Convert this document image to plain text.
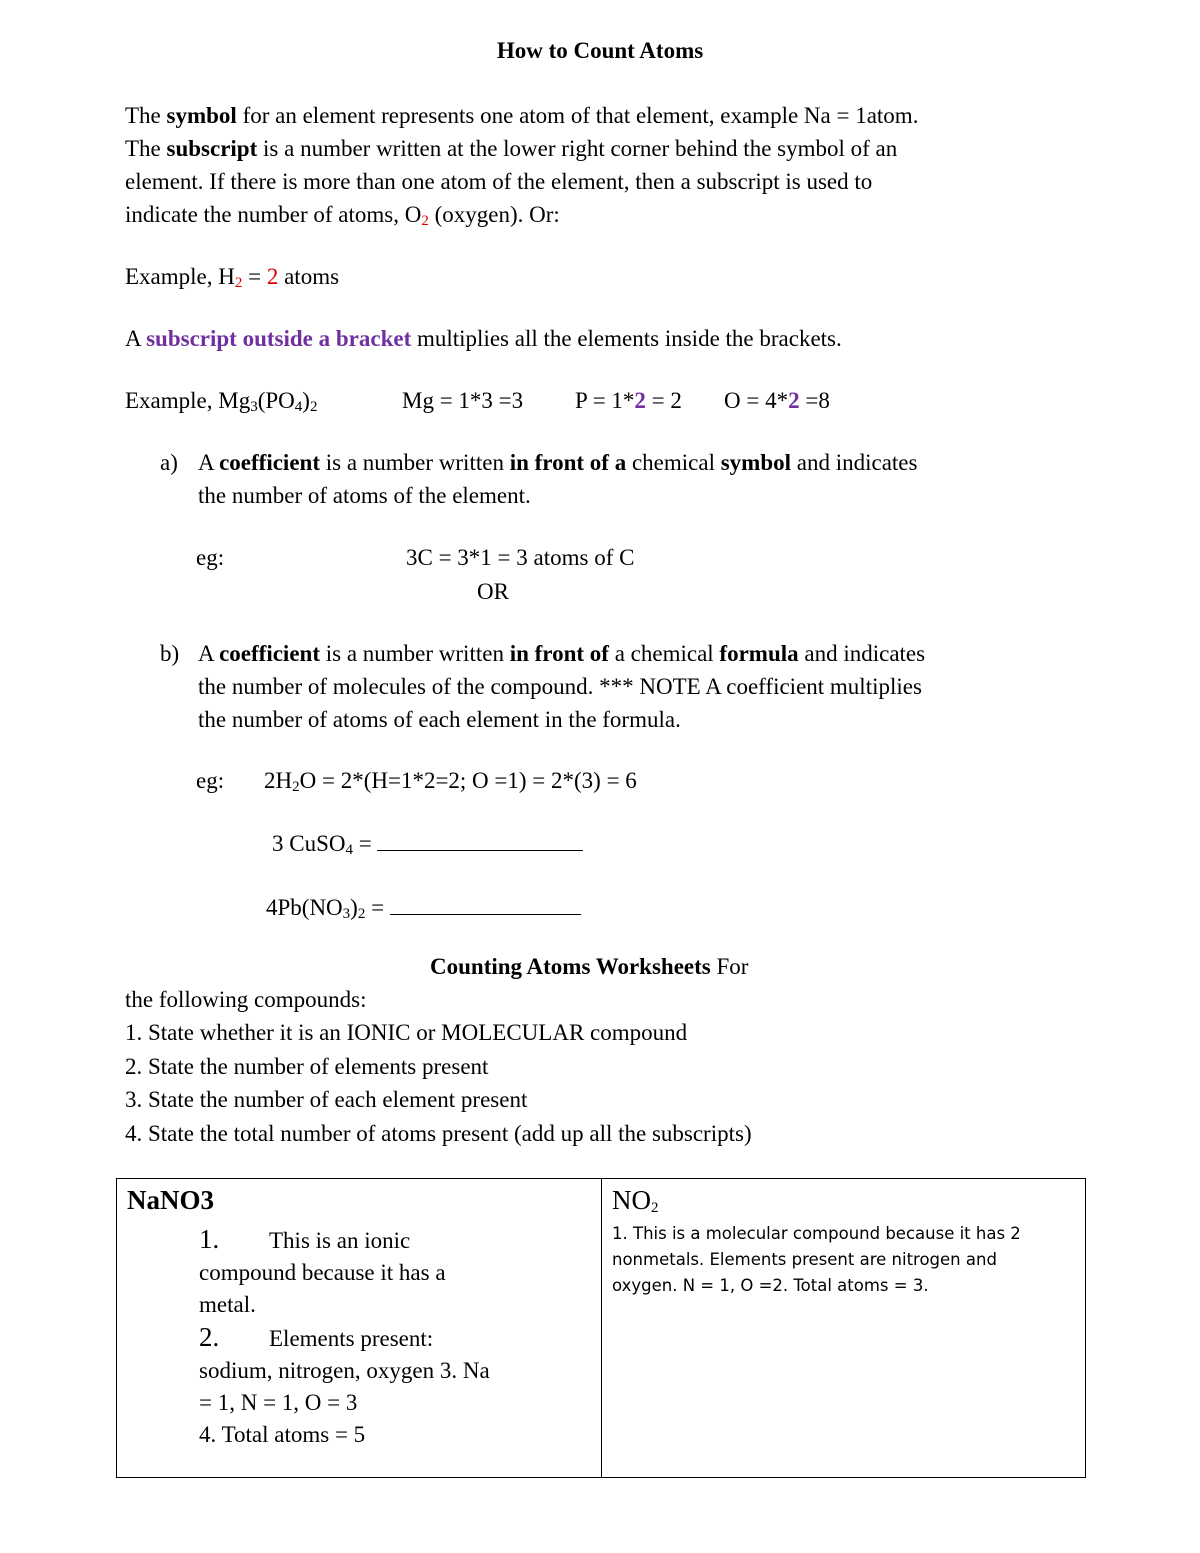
How to Count Atoms
The symbol for an element represents one atom of that element, example Na = 1atom.
The subscript is a number written at the lower right corner behind the symbol of an
element. If there is more than one atom of the element, then a subscript is used to
indicate the number of atoms, $O_2$ (oxygen). Or:
Example, $H_2 = 2$ atoms
A subscript outside a bracket multiplies all the elements inside the brackets.
Example, $Mg_3(PO_4)_2$	Mg = 1*3 =3 P = 1*2 = 2 O = 4*2 =8
a) A coefficient is a number written in front of a chemical symbol and indicates
the number of atoms of the element.
eg:	3C = 3*1 = 3 atoms of C
OR
b) A coefficient is a number written in front of a chemical formula and indicates
the number of molecules of the compound. *** NOTE A coefficient multiplies
the number of atoms of each element in the formula.
eg: $2H_2O = 2*(H=1*2=2$; O =1) = 2*(3) = 6
3 CuSO$_4$ =
$4Pb(NO_3)_2$ =
Counting Atoms Worksheets For
the following compounds:
1. State whether it is an IONIC or MOLECULAR compound
2. State the number of elements present
3. State the number of each element present
4. State the total number of atoms present (add up all the subscripts)
NaNO3
1. This is an ionic
compound because it has a
metal.
2. Elements present:
sodium, nitrogen, oxygen 3. Na
= 1, N = 1, O = 3
4. Total atoms = 5

$NO_2$
1. This is a molecular compound because it has 2
nonmetals. Elements present are nitrogen and
oxygen. N = 1, O =2. Total atoms = 3.
